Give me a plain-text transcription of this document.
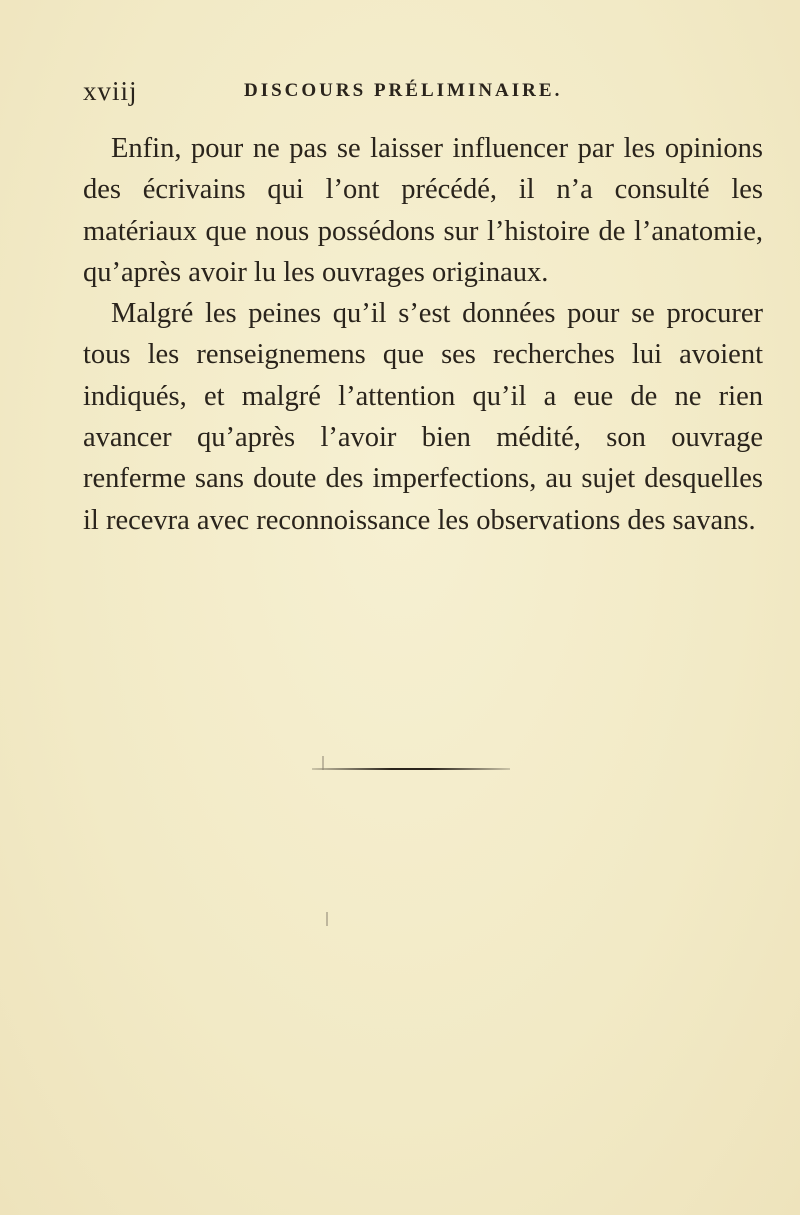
xviij	DISCOURS PRÉLIMINAIRE.

Enfin, pour ne pas se laisser influencer par les opinions des écrivains qui l’ont précédé, il n’a consulté les matériaux que nous possédons sur l’histoire de l’anatomie, qu’après avoir lu les ouvrages originaux.

Malgré les peines qu’il s’est données pour se procurer tous les renseignemens que ses recherches lui avoient indiqués, et malgré l’attention qu’il a eue de ne rien avancer qu’après l’avoir bien médité, son ouvrage renferme sans doute des imperfections, au sujet desquelles il recevra avec reconnoissance les observations des savans.
